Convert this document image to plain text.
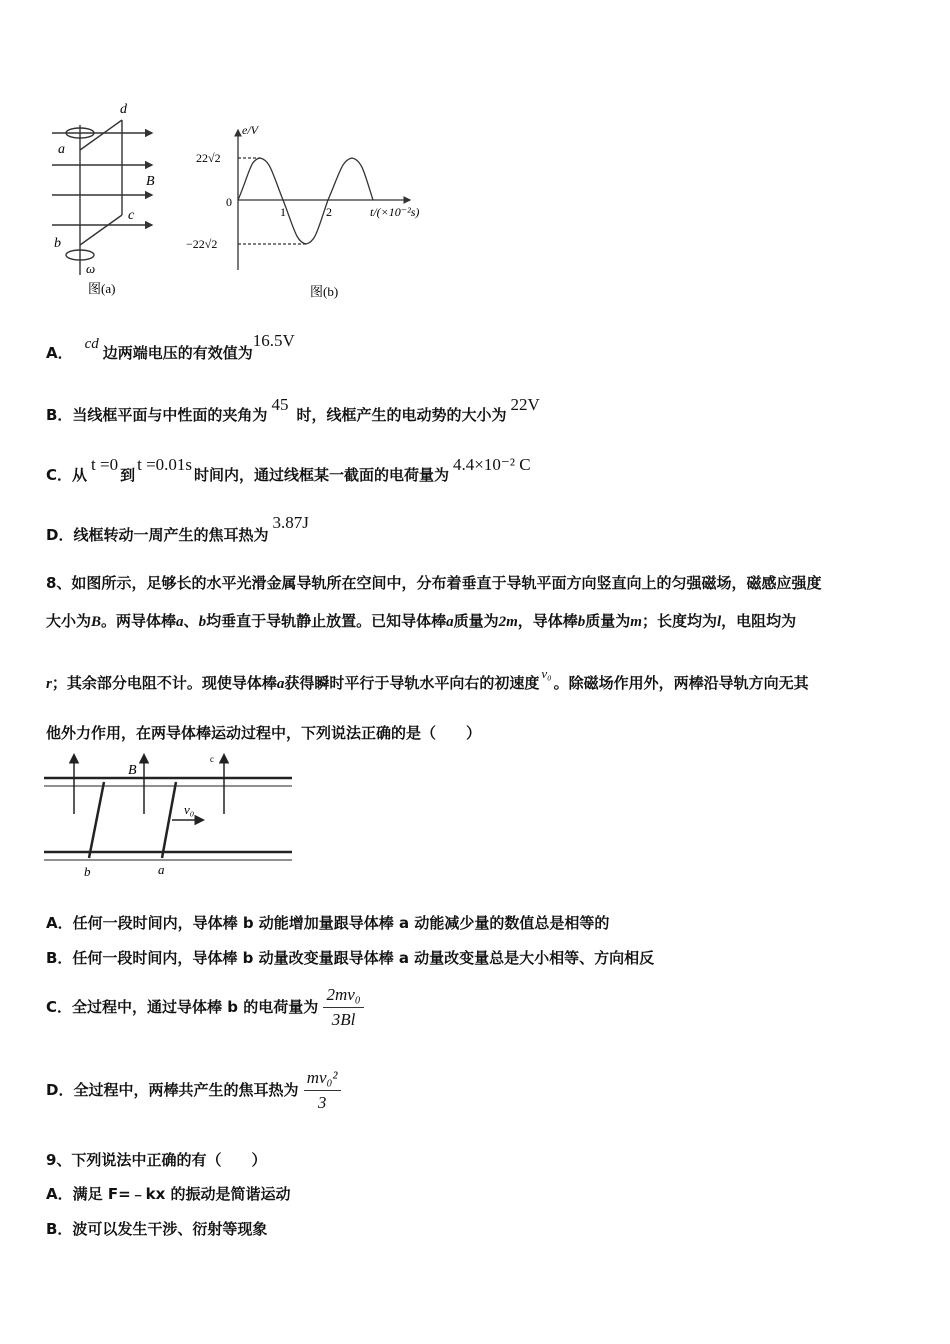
d
a
B
c
b
ω
图(a)
e/V
22√2
−22√2
0
1	2	t/(×10⁻²s)
图(b)
A． cd 边两端电压的有效值为16.5V
B．当线框平面与中性面的夹角为45时，线框产生的电动势的大小为22V
C．从t =0到t =0.01s时间内，通过线框某一截面的电荷量为4.4×10⁻² C
D．线框转动一周产生的焦耳热为3.87J
8、如图所示，足够长的水平光滑金属导轨所在空间中，分布着垂直于导轨平面方向竖直向上的匀强磁场，磁感应强度
大小为B。两导体棒a、b均垂直于导轨静止放置。已知导体棒a质量为2m，导体棒b质量为m；长度均为l，电阻均为
r；其余部分电阻不计。现使导体棒a获得瞬时平行于导轨水平向右的初速度v₀。除磁场作用外，两棒沿导轨方向无其
他外力作用，在两导体棒运动过程中，下列说法正确的是（　　）
B
c
v₀
b	a
A．任何一段时间内，导体棒 b 动能增加量跟导体棒 a 动能减少量的数值总是相等的
B．任何一段时间内，导体棒 b 动量改变量跟导体棒 a 动量改变量总是大小相等、方向相反
C．全过程中，通过导体棒 b 的电荷量为 $\frac{\text{2mv₀}}{3Bl}$
D．全过程中，两棒共产生的焦耳热为 $\frac{\text{mv₀²}}{3}$
9、下列说法中正确的有（　　）
A．满足 F=﹣kx 的振动是简谐运动
B．波可以发生干涉、衍射等现象
